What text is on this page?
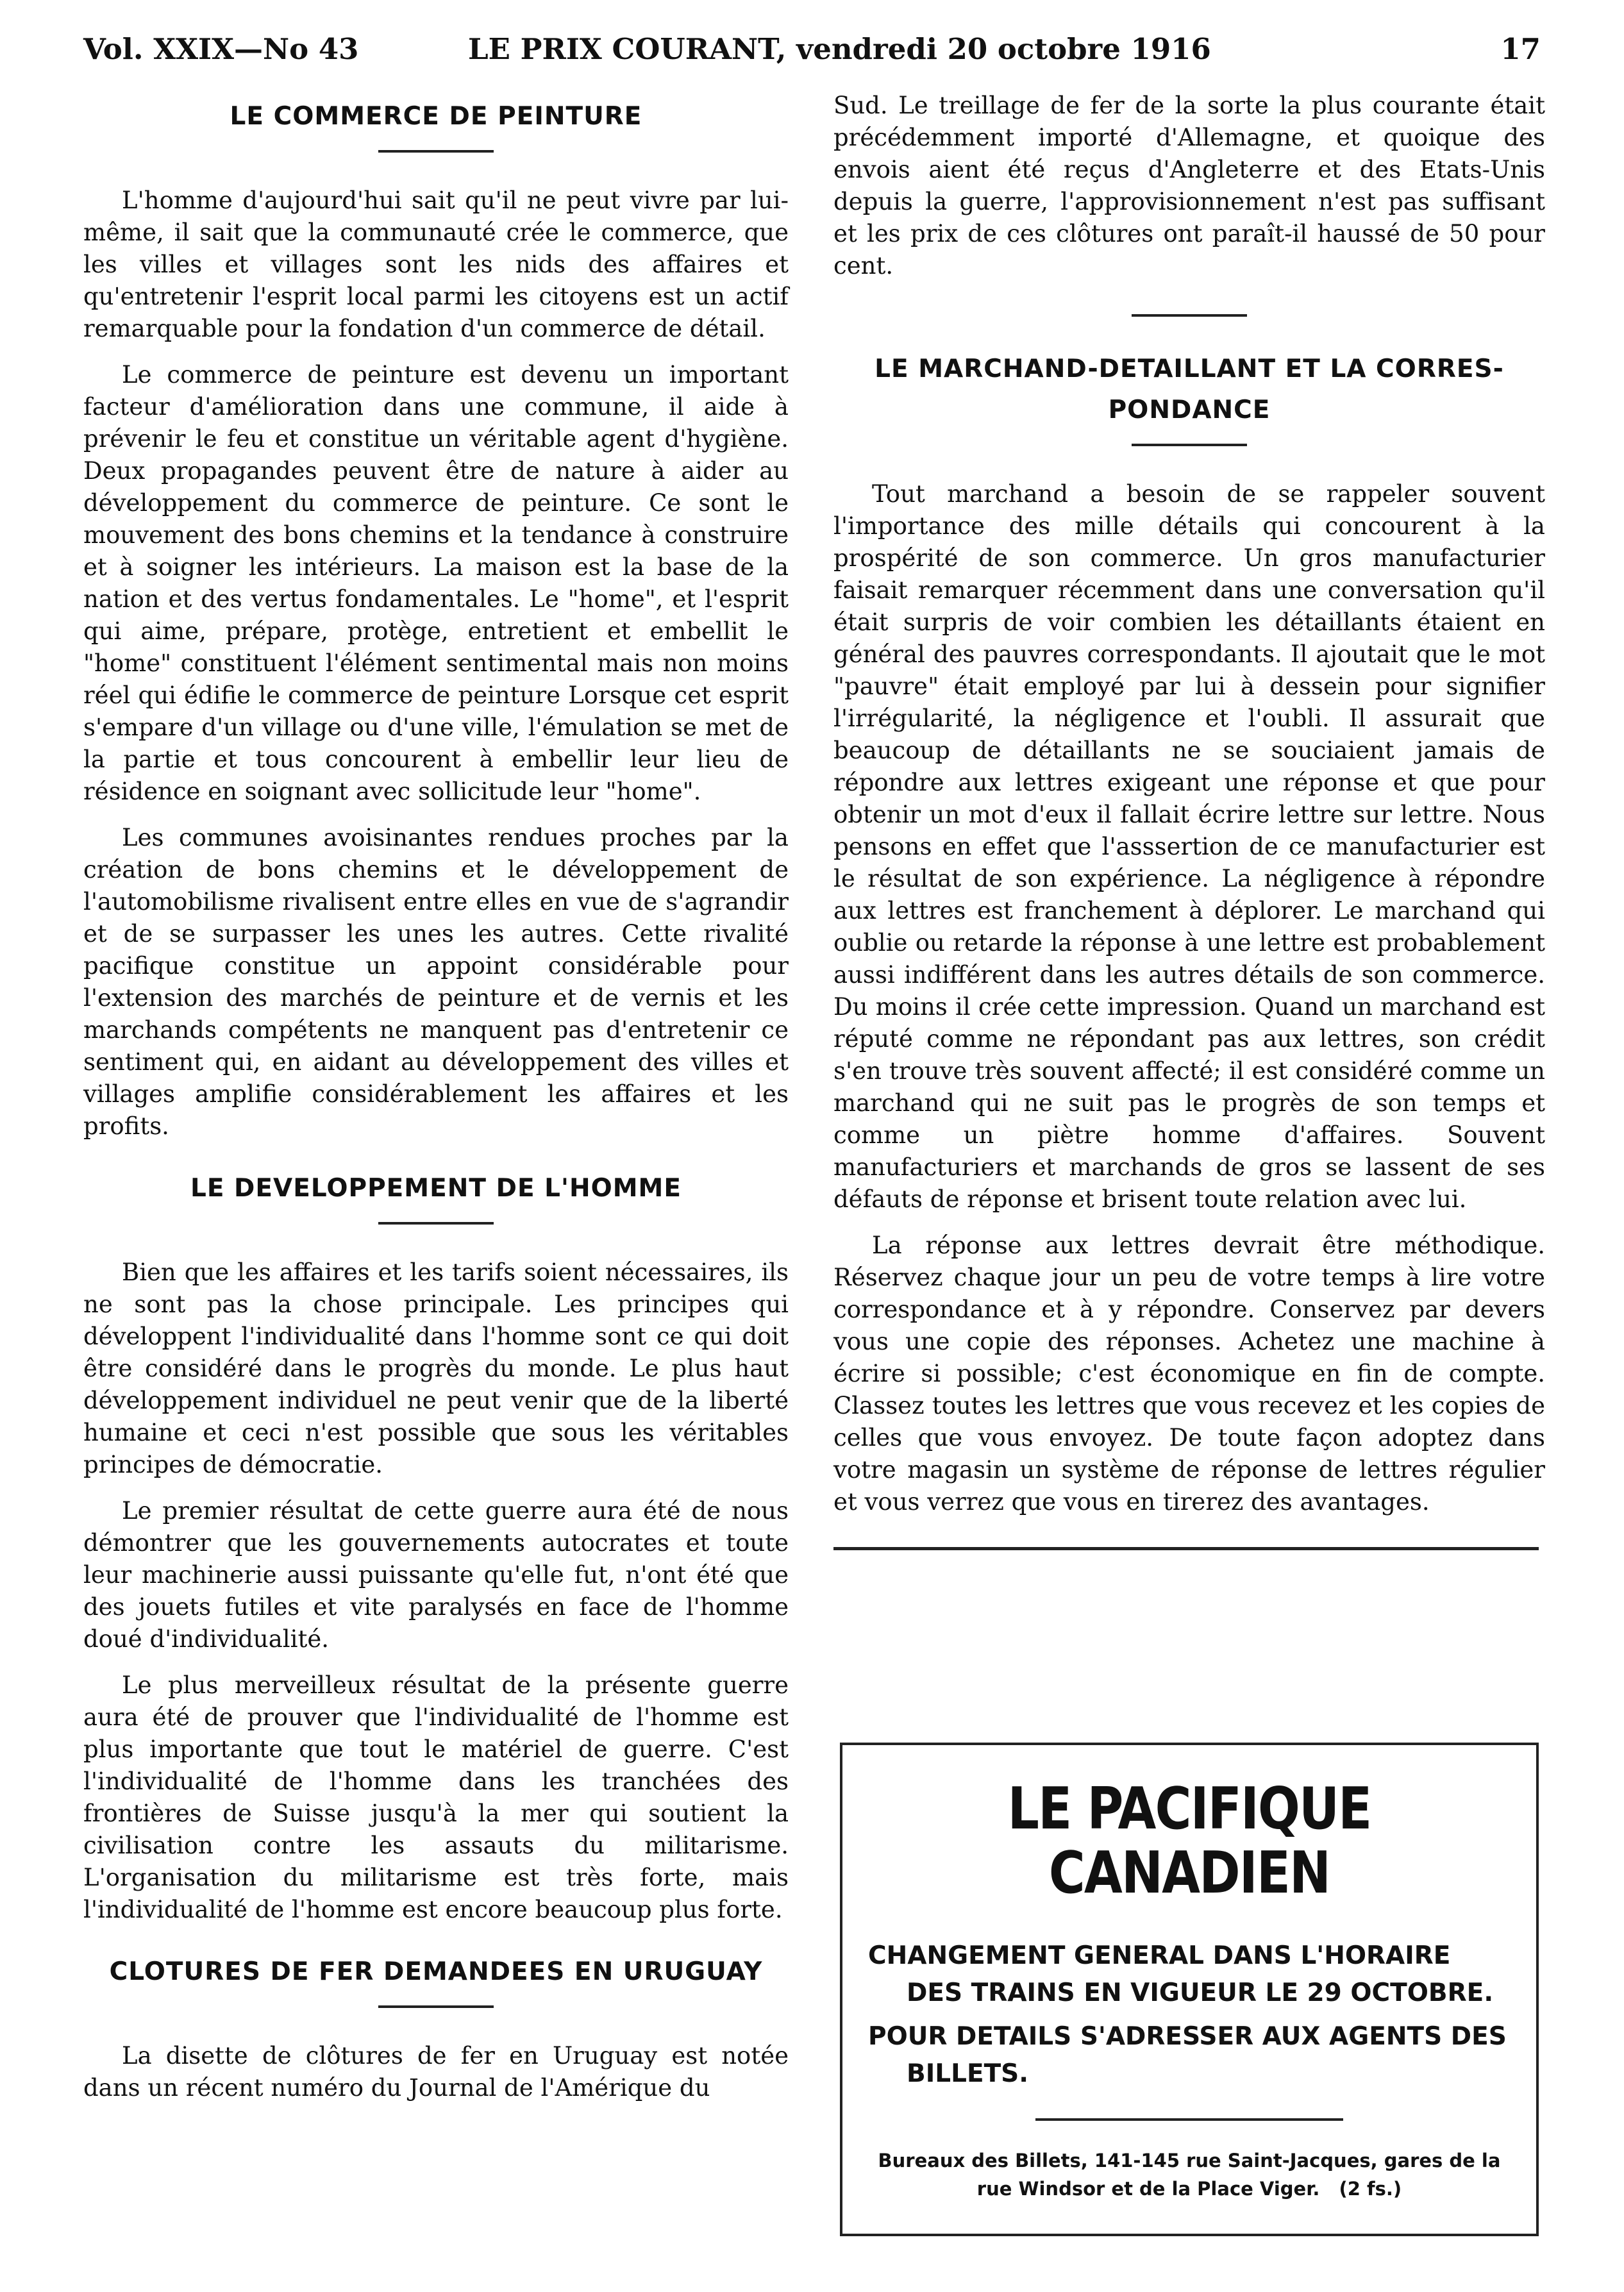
Vol. XXIX—No 43	LE PRIX COURANT, vendredi 20 octobre 1916	17
LE COMMERCE DE PEINTURE

L'homme d'aujourd'hui sait qu'il ne peut vivre par lui-même, il sait que la communauté crée le commerce, que les villes et villages sont les nids des affaires et qu'entretenir l'esprit local parmi les citoyens est un actif remarquable pour la fondation d'un commerce de détail.

Le commerce de peinture est devenu un important facteur d'amélioration dans une commune, il aide à prévenir le feu et constitue un véritable agent d'hygiène. Deux propagandes peuvent être de nature à aider au développement du commerce de peinture. Ce sont le mouvement des bons chemins et la tendance à construire et à soigner les intérieurs. La maison est la base de la nation et des vertus fondamentales. Le "home", et l'esprit qui aime, prépare, protège, entretient et embellit le "home" constituent l'élément sentimental mais non moins réel qui édifie le commerce de peinture Lorsque cet esprit s'empare d'un village ou d'une ville, l'émulation se met de la partie et tous concourent à embellir leur lieu de résidence en soignant avec sollicitude leur "home".

Les communes avoisinantes rendues proches par la création de bons chemins et le développement de l'automobilisme rivalisent entre elles en vue de s'agrandir et de se surpasser les unes les autres. Cette rivalité pacifique constitue un appoint considérable pour l'extension des marchés de peinture et de vernis et les marchands compétents ne manquent pas d'entretenir ce sentiment qui, en aidant au développement des villes et villages amplifie considérablement les affaires et les profits.

LE DEVELOPPEMENT DE L'HOMME

Bien que les affaires et les tarifs soient nécessaires, ils ne sont pas la chose principale. Les principes qui développent l'individualité dans l'homme sont ce qui doit être considéré dans le progrès du monde. Le plus haut développement individuel ne peut venir que de la liberté humaine et ceci n'est possible que sous les véritables principes de démocratie.

Le premier résultat de cette guerre aura été de nous démontrer que les gouvernements autocrates et toute leur machinerie aussi puissante qu'elle fut, n'ont été que des jouets futiles et vite paralysés en face de l'homme doué d'individualité.

Le plus merveilleux résultat de la présente guerre aura été de prouver que l'individualité de l'homme est plus importante que tout le matériel de guerre. C'est l'individualité de l'homme dans les tranchées des frontières de Suisse jusqu'à la mer qui soutient la civilisation contre les assauts du militarisme. L'organisation du militarisme est très forte, mais l'individualité de l'homme est encore beaucoup plus forte.

CLOTURES DE FER DEMANDEES EN URUGUAY

La disette de clôtures de fer en Uruguay est notée dans un récent numéro du Journal de l'Amérique du

Sud. Le treillage de fer de la sorte la plus courante était précédemment importé d'Allemagne, et quoique des envois aient été reçus d'Angleterre et des Etats-Unis depuis la guerre, l'approvisionnement n'est pas suffisant et les prix de ces clôtures ont paraît-il haussé de 50 pour cent.

LE MARCHAND-DETAILLANT ET LA CORRES-
PONDANCE

Tout marchand a besoin de se rappeler souvent l'importance des mille détails qui concourent à la prospérité de son commerce. Un gros manufacturier faisait remarquer récemment dans une conversation qu'il était surpris de voir combien les détaillants étaient en général des pauvres correspondants. Il ajoutait que le mot "pauvre" était employé par lui à dessein pour signifier l'irrégularité, la négligence et l'oubli. Il assurait que beaucoup de détaillants ne se souciaient jamais de répondre aux lettres exigeant une réponse et que pour obtenir un mot d'eux il fallait écrire lettre sur lettre. Nous pensons en effet que l'asssertion de ce manufacturier est le résultat de son expérience. La négligence à répondre aux lettres est franchement à déplorer. Le marchand qui oublie ou retarde la réponse à une lettre est probablement aussi indifférent dans les autres détails de son commerce. Du moins il crée cette impression. Quand un marchand est réputé comme ne répondant pas aux lettres, son crédit s'en trouve très souvent affecté; il est considéré comme un marchand qui ne suit pas le progrès de son temps et comme un piètre homme d'affaires. Souvent manufacturiers et marchands de gros se lassent de ses défauts de réponse et brisent toute relation avec lui.

La réponse aux lettres devrait être méthodique. Réservez chaque jour un peu de votre temps à lire votre correspondance et à y répondre. Conservez par devers vous une copie des réponses. Achetez une machine à écrire si possible; c'est économique en fin de compte. Classez toutes les lettres que vous recevez et les copies de celles que vous envoyez. De toute façon adoptez dans votre magasin un système de réponse de lettres régulier et vous verrez que vous en tirerez des avantages.

LE PACIFIQUE CANADIEN
CHANGEMENT GENERAL DANS L'HORAIRE DES TRAINS EN VIGUEUR LE 29 OCTOBRE.
POUR DETAILS S'ADRESSER AUX AGENTS DES BILLETS.
Bureaux des Billets, 141-145 rue Saint-Jacques, gares de la rue Windsor et de la Place Viger. (2 fs.)
